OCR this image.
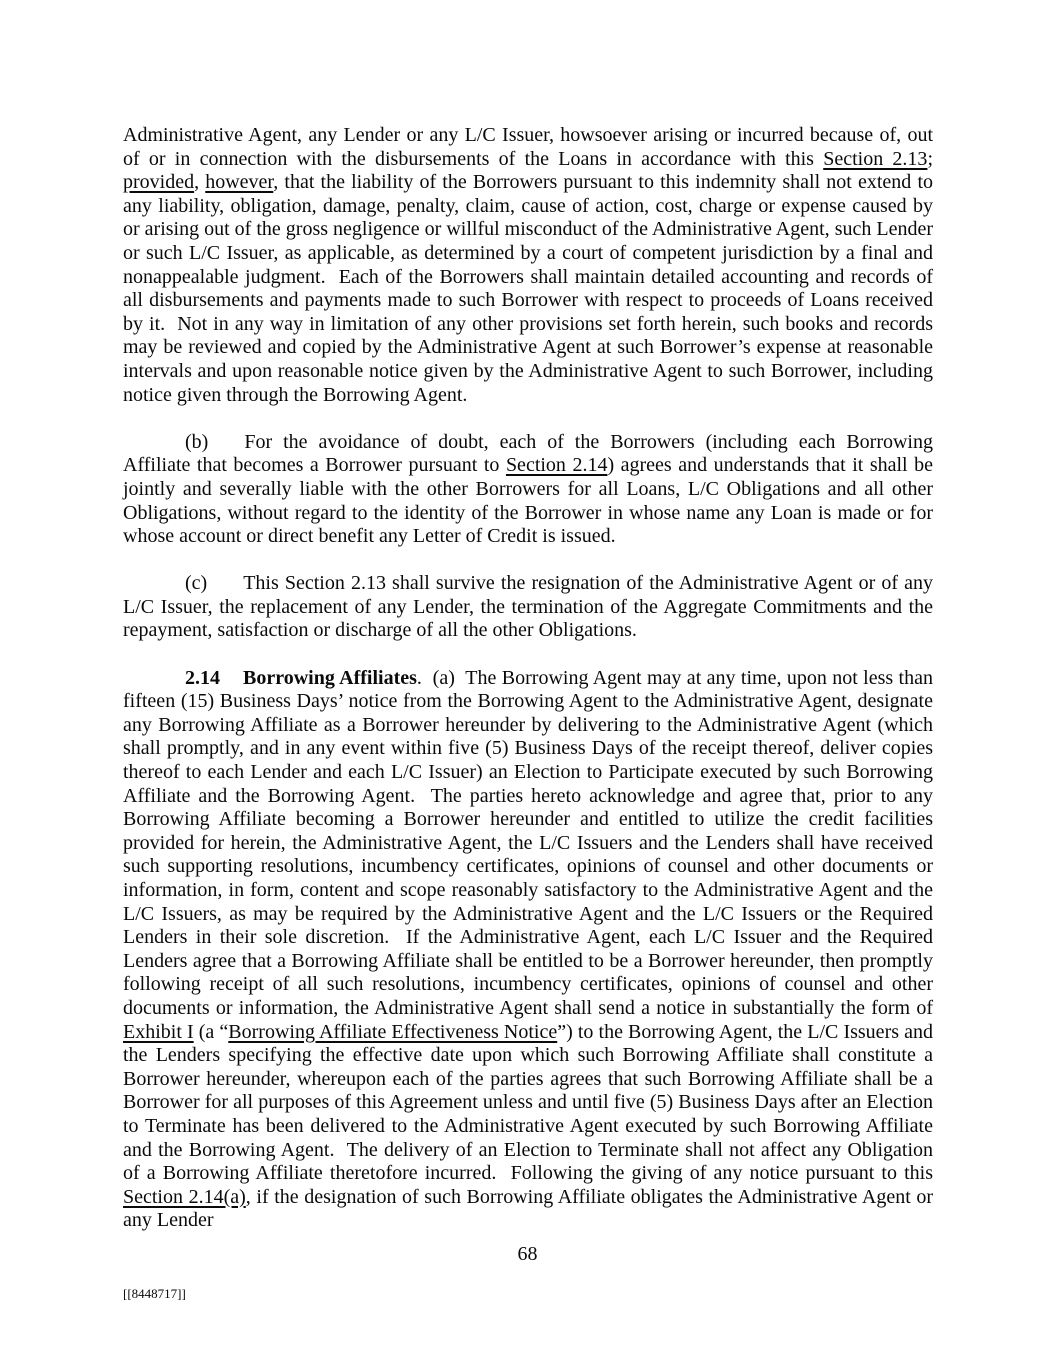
Administrative Agent, any Lender or any L/C Issuer, howsoever arising or incurred because of, out of or in connection with the disbursements of the Loans in accordance with this Section 2.13; provided, however, that the liability of the Borrowers pursuant to this indemnity shall not extend to any liability, obligation, damage, penalty, claim, cause of action, cost, charge or expense caused by or arising out of the gross negligence or willful misconduct of the Administrative Agent, such Lender or such L/C Issuer, as applicable, as determined by a court of competent jurisdiction by a final and nonappealable judgment.  Each of the Borrowers shall maintain detailed accounting and records of all disbursements and payments made to such Borrower with respect to proceeds of Loans received by it.  Not in any way in limitation of any other provisions set forth herein, such books and records may be reviewed and copied by the Administrative Agent at such Borrower’s expense at reasonable intervals and upon reasonable notice given by the Administrative Agent to such Borrower, including notice given through the Borrowing Agent.

(b) For the avoidance of doubt, each of the Borrowers (including each Borrowing Affiliate that becomes a Borrower pursuant to Section 2.14) agrees and understands that it shall be jointly and severally liable with the other Borrowers for all Loans, L/C Obligations and all other Obligations, without regard to the identity of the Borrower in whose name any Loan is made or for whose account or direct benefit any Letter of Credit is issued.

(c) This Section 2.13 shall survive the resignation of the Administrative Agent or of any L/C Issuer, the replacement of any Lender, the termination of the Aggregate Commitments and the repayment, satisfaction or discharge of all the other Obligations.

2.14 Borrowing Affiliates.  (a)  The Borrowing Agent may at any time, upon not less than fifteen (15) Business Days’ notice from the Borrowing Agent to the Administrative Agent, designate any Borrowing Affiliate as a Borrower hereunder by delivering to the Administrative Agent (which shall promptly, and in any event within five (5) Business Days of the receipt thereof, deliver copies thereof to each Lender and each L/C Issuer) an Election to Participate executed by such Borrowing Affiliate and the Borrowing Agent.  The parties hereto acknowledge and agree that, prior to any Borrowing Affiliate becoming a Borrower hereunder and entitled to utilize the credit facilities provided for herein, the Administrative Agent, the L/C Issuers and the Lenders shall have received such supporting resolutions, incumbency certificates, opinions of counsel and other documents or information, in form, content and scope reasonably satisfactory to the Administrative Agent and the L/C Issuers, as may be required by the Administrative Agent and the L/C Issuers or the Required Lenders in their sole discretion.  If the Administrative Agent, each L/C Issuer and the Required Lenders agree that a Borrowing Affiliate shall be entitled to be a Borrower hereunder, then promptly following receipt of all such resolutions, incumbency certificates, opinions of counsel and other documents or information, the Administrative Agent shall send a notice in substantially the form of Exhibit I (a “Borrowing Affiliate Effectiveness Notice”) to the Borrowing Agent, the L/C Issuers and the Lenders specifying the effective date upon which such Borrowing Affiliate shall constitute a Borrower hereunder, whereupon each of the parties agrees that such Borrowing Affiliate shall be a Borrower for all purposes of this Agreement unless and until five (5) Business Days after an Election to Terminate has been delivered to the Administrative Agent executed by such Borrowing Affiliate and the Borrowing Agent.  The delivery of an Election to Terminate shall not affect any Obligation of a Borrowing Affiliate theretofore incurred.  Following the giving of any notice pursuant to this Section 2.14(a), if the designation of such Borrowing Affiliate obligates the Administrative Agent or any Lender

68
[[8448717]]
